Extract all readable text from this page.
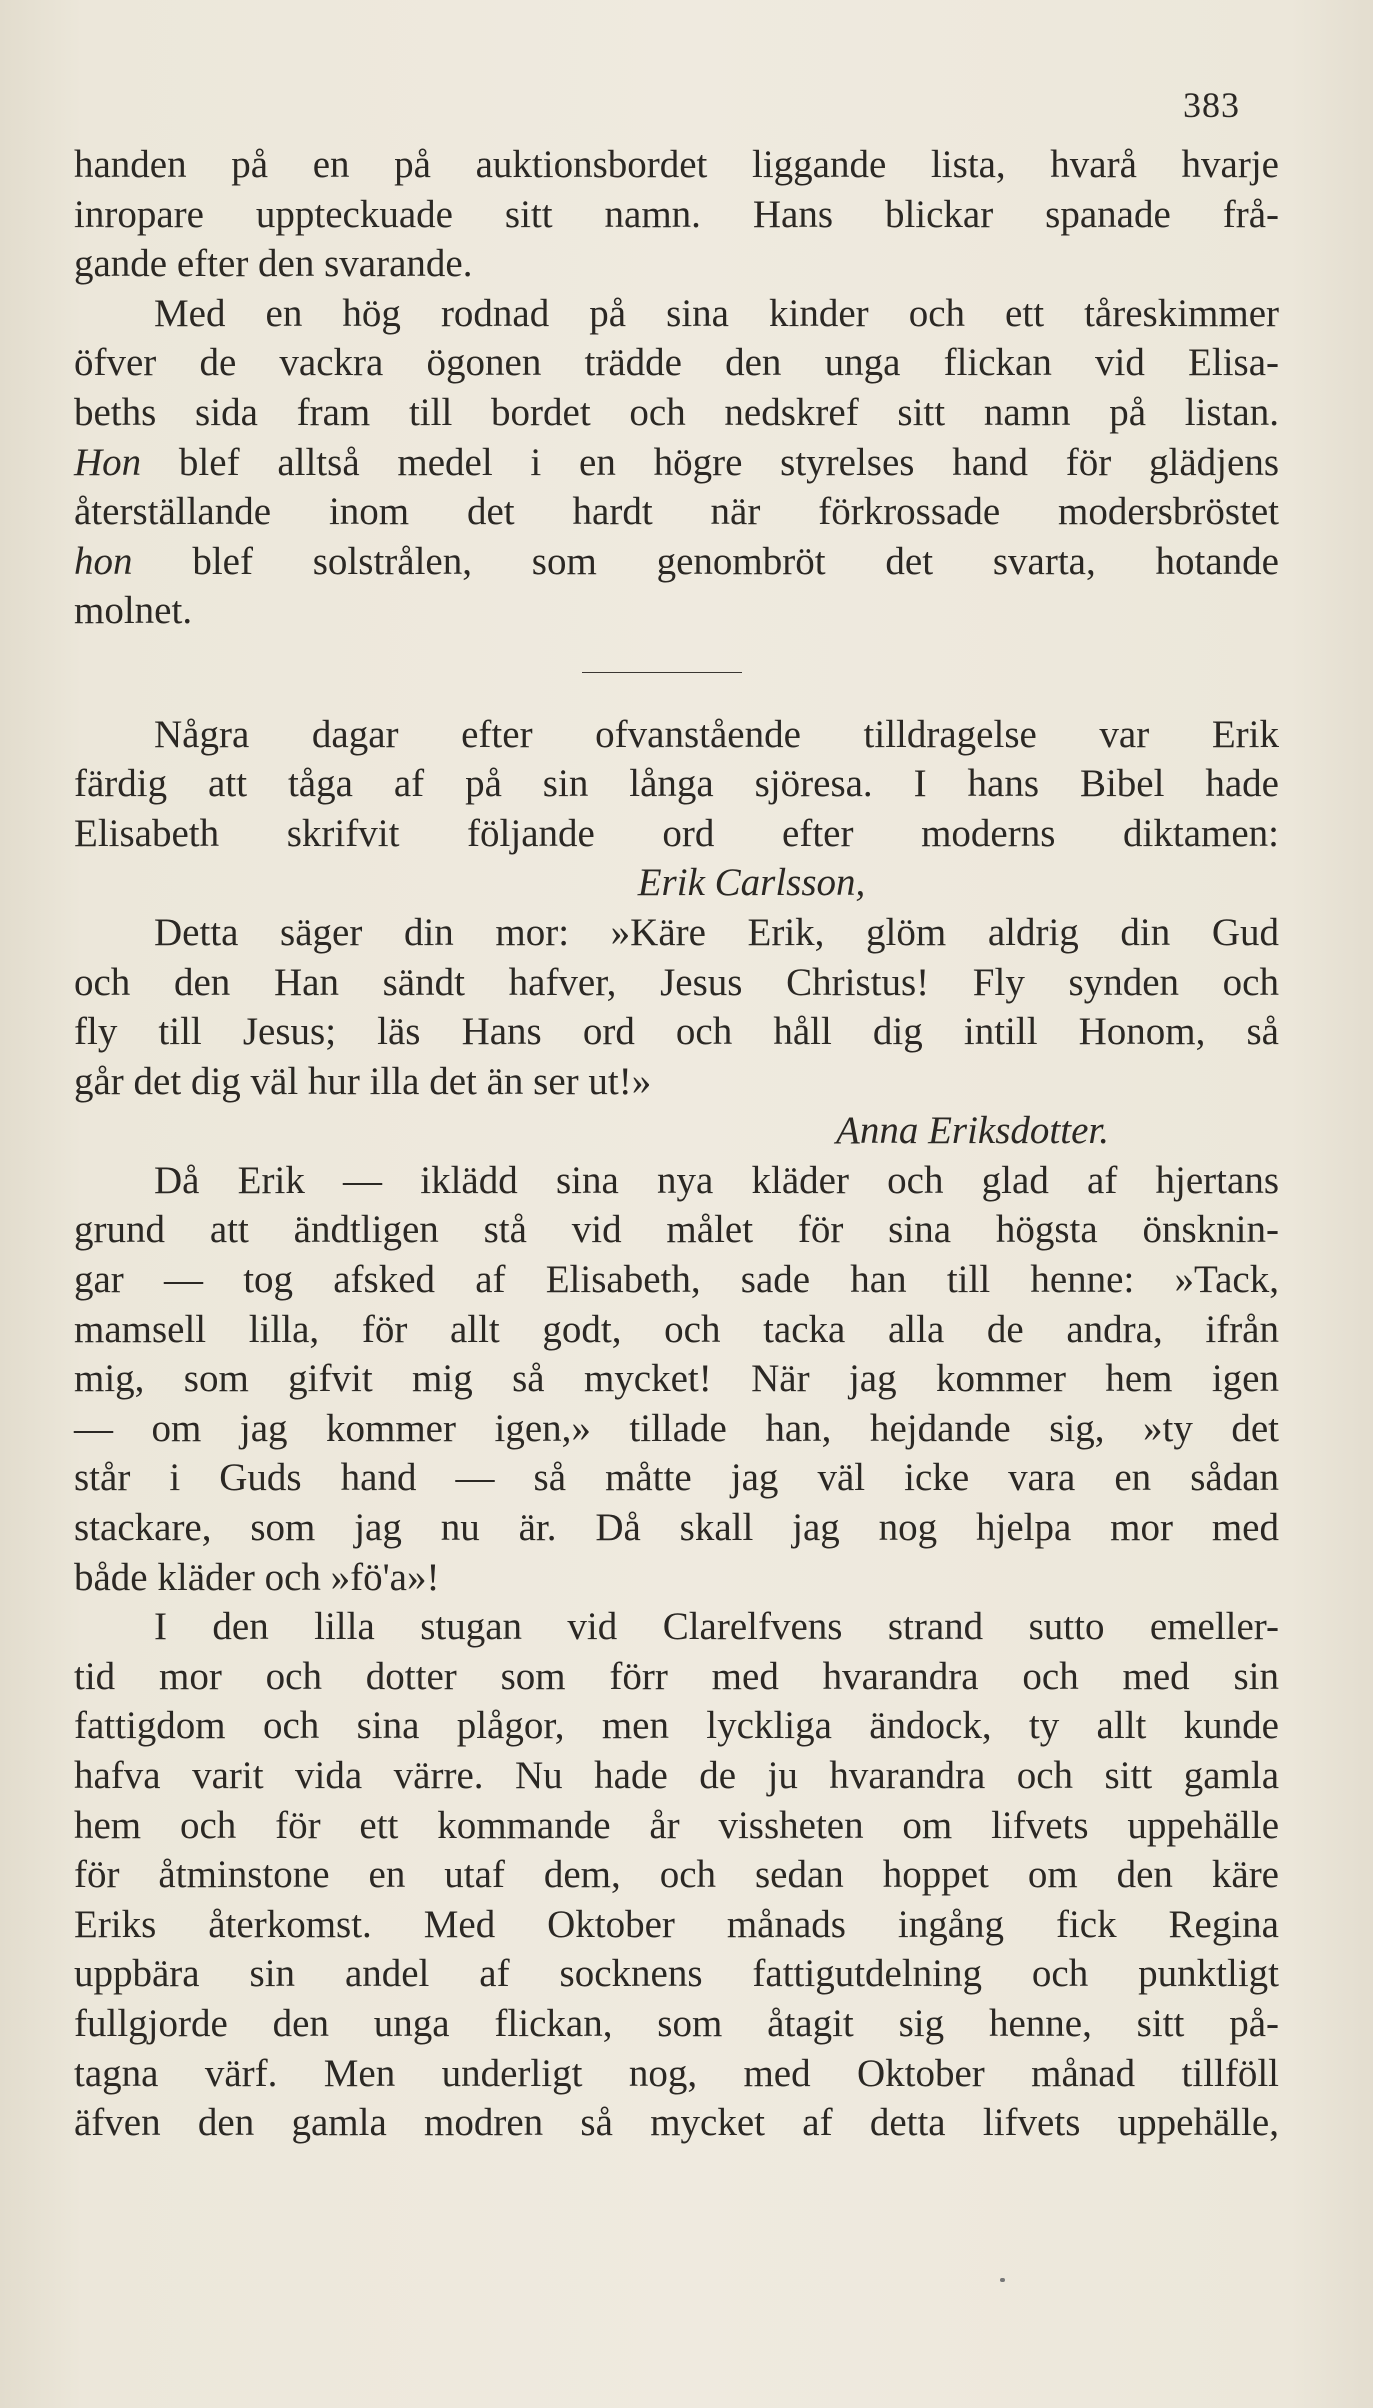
383
handen på en på auktionsbordet liggande lista, hvarå hvarje
inropare uppteckuade sitt namn. Hans blickar spanade frå-
gande efter den svarande.
Med en hög rodnad på sina kinder och ett tåreskimmer
öfver de vackra ögonen trädde den unga flickan vid Elisa-
beths sida fram till bordet och nedskref sitt namn på listan.
Hon blef alltså medel i en högre styrelses hand för glädjens
återställande inom det hardt när förkrossade modersbröstet
hon blef solstrålen, som genombröt det svarta, hotande
molnet.
Några dagar efter ofvanstående tilldragelse var Erik
färdig att tåga af på sin långa sjöresa. I hans Bibel hade
Elisabeth skrifvit följande ord efter moderns diktamen:
Erik Carlsson,
Detta säger din mor: »Käre Erik, glöm aldrig din Gud
och den Han sändt hafver, Jesus Christus! Fly synden och
fly till Jesus; läs Hans ord och håll dig intill Honom, så
går det dig väl hur illa det än ser ut!»
Anna Eriksdotter.
Då Erik — iklädd sina nya kläder och glad af hjertans
grund att ändtligen stå vid målet för sina högsta önsknin-
gar — tog afsked af Elisabeth, sade han till henne: »Tack,
mamsell lilla, för allt godt, och tacka alla de andra, ifrån
mig, som gifvit mig så mycket! När jag kommer hem igen
— om jag kommer igen,» tillade han, hejdande sig, »ty det
står i Guds hand — så måtte jag väl icke vara en sådan
stackare, som jag nu är. Då skall jag nog hjelpa mor med
både kläder och »fö'a»!
I den lilla stugan vid Clarelfvens strand sutto emeller-
tid mor och dotter som förr med hvarandra och med sin
fattigdom och sina plågor, men lyckliga ändock, ty allt kunde
hafva varit vida värre. Nu hade de ju hvarandra och sitt gamla
hem och för ett kommande år vissheten om lifvets uppehälle
för åtminstone en utaf dem, och sedan hoppet om den käre
Eriks återkomst. Med Oktober månads ingång fick Regina
uppbära sin andel af socknens fattigutdelning och punktligt
fullgjorde den unga flickan, som åtagit sig henne, sitt på-
tagna värf. Men underligt nog, med Oktober månad tillföll
äfven den gamla modren så mycket af detta lifvets uppehälle,
